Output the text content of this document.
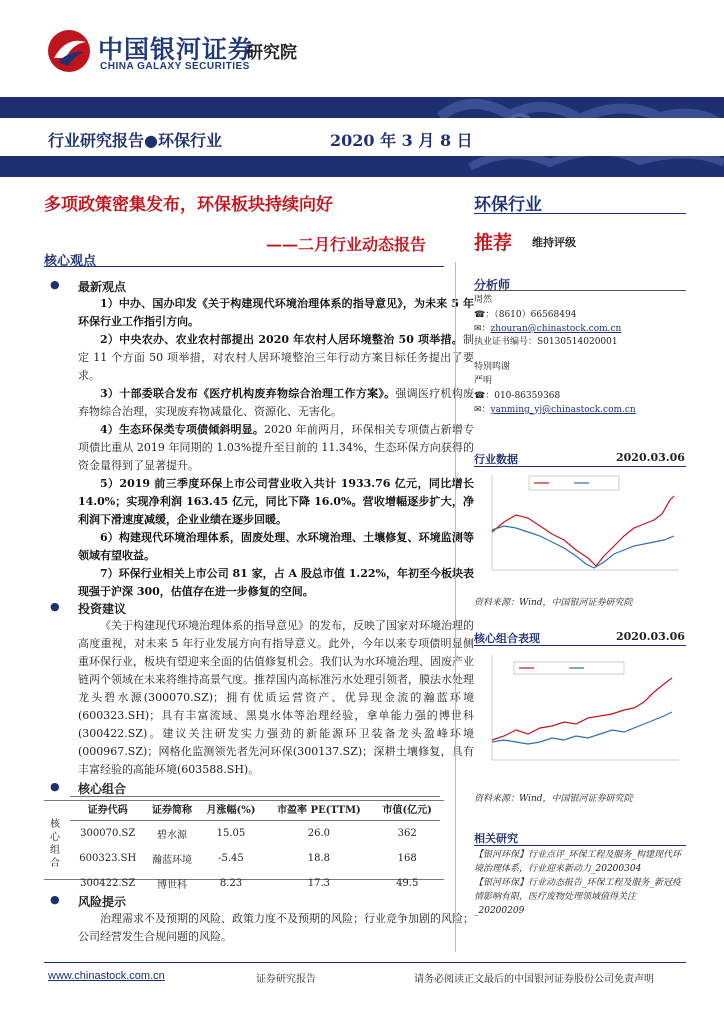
中国银河证券
CHINA GALAXY SECURITIES
研究院
行业研究报告●环保行业	2020 年 3 月 8 日
多项政策密集发布，环保板块持续向好
——二月行业动态报告
环保行业
推荐 维持评级
核心观点
● 最新观点
1）中办、国办印发《关于构建现代环境治理体系的指导意见》，为未来 5 年环保行业工作指引方向。
2）中央农办、农业农村部提出 2020 年农村人居环境整治 50 项举措。制定 11 个方面 50 项举措，对农村人居环境整治三年行动方案目标任务提出了要求。
3）十部委联合发布《医疗机构废弃物综合治理工作方案》。强调医疗机构废弃物综合治理，实现废弃物减量化、资源化、无害化。
4）生态环保类专项债倾斜明显。2020 年前两月，环保相关专项债占新增专项债比重从 2019 年同期的 1.03%提升至目前的 11.34%，生态环保方向获得的资金量得到了显著提升。
5）2019 前三季度环保上市公司营业收入共计 1933.76 亿元，同比增长 14.0%；实现净利润 163.45 亿元，同比下降 16.0%。营收增幅逐步扩大，净利润下滑速度减缓，企业业绩在逐步回暖。
6）构建现代环境治理体系，固废处理、水环境治理、土壤修复、环境监测等领域有望收益。
7）环保行业相关上市公司 81 家，占 A 股总市值 1.22%，年初至今板块表现强于沪深 300，估值存在进一步修复的空间。
● 投资建议
《关于构建现代环境治理体系的指导意见》的发布，反映了国家对环境治理的高度重视，对未来 5 年行业发展方向有指导意义。此外，今年以来专项债明显侧重环保行业，板块有望迎来全面的估值修复机会。我们认为水环境治理、固废产业链两个领域在未来将维持高景气度。推荐国内高标准污水处理引领者，膜法水处理龙头碧水源(300070.SZ)；拥有优质运营资产、优异现金流的瀚蓝环境(600323.SH)；具有丰富流域、黑臭水体等治理经验，拿单能力强的博世科(300422.SZ)。建议关注研发实力强劲的新能源环卫装备龙头盈峰环境(000967.SZ)；网格化监测领先者先河环保(300137.SZ)；深耕土壤修复，具有丰富经验的高能环境(603588.SH)。
● 核心组合
核
心
组
合
证券代码	证券简称	月涨幅(%)	市盈率 PE(TTM)	市值(亿元)
300070.SZ	碧水源	15.05	26.0	362
600323.SH	瀚蓝环境	-5.45	18.8	168
300422.SZ	博世科	8.23	17.3	49.5
● 风险提示
治理需求不及预期的风险、政策力度不及预期的风险；行业竞争加剧的风险；公司经营发生合规问题的风险。
分析师
周然
☎：（8610）66568494
✉：zhouran@chinastock.com.cn
执业证书编号：S0130514020001
特别鸣谢
严明
☎：010-86359368
✉：yanming_yj@chinastock.com.cn
行业数据	2020.03.06
资料来源：Wind，中国银河证券研究院
核心组合表现	2020.03.06
资料来源：Wind，中国银河证券研究院
相关研究
【银河环保】行业点评_环保工程及服务_构建现代环境治理体系，行业迎来新动力_20200304
【银河环保】行业动态报告_环保工程及服务_新冠疫情影响有限，医疗废物处理领域值得关注_20200209
www.chinastock.com.cn	证券研究报告	请务必阅读正文最后的中国银河证券股份公司免责声明
